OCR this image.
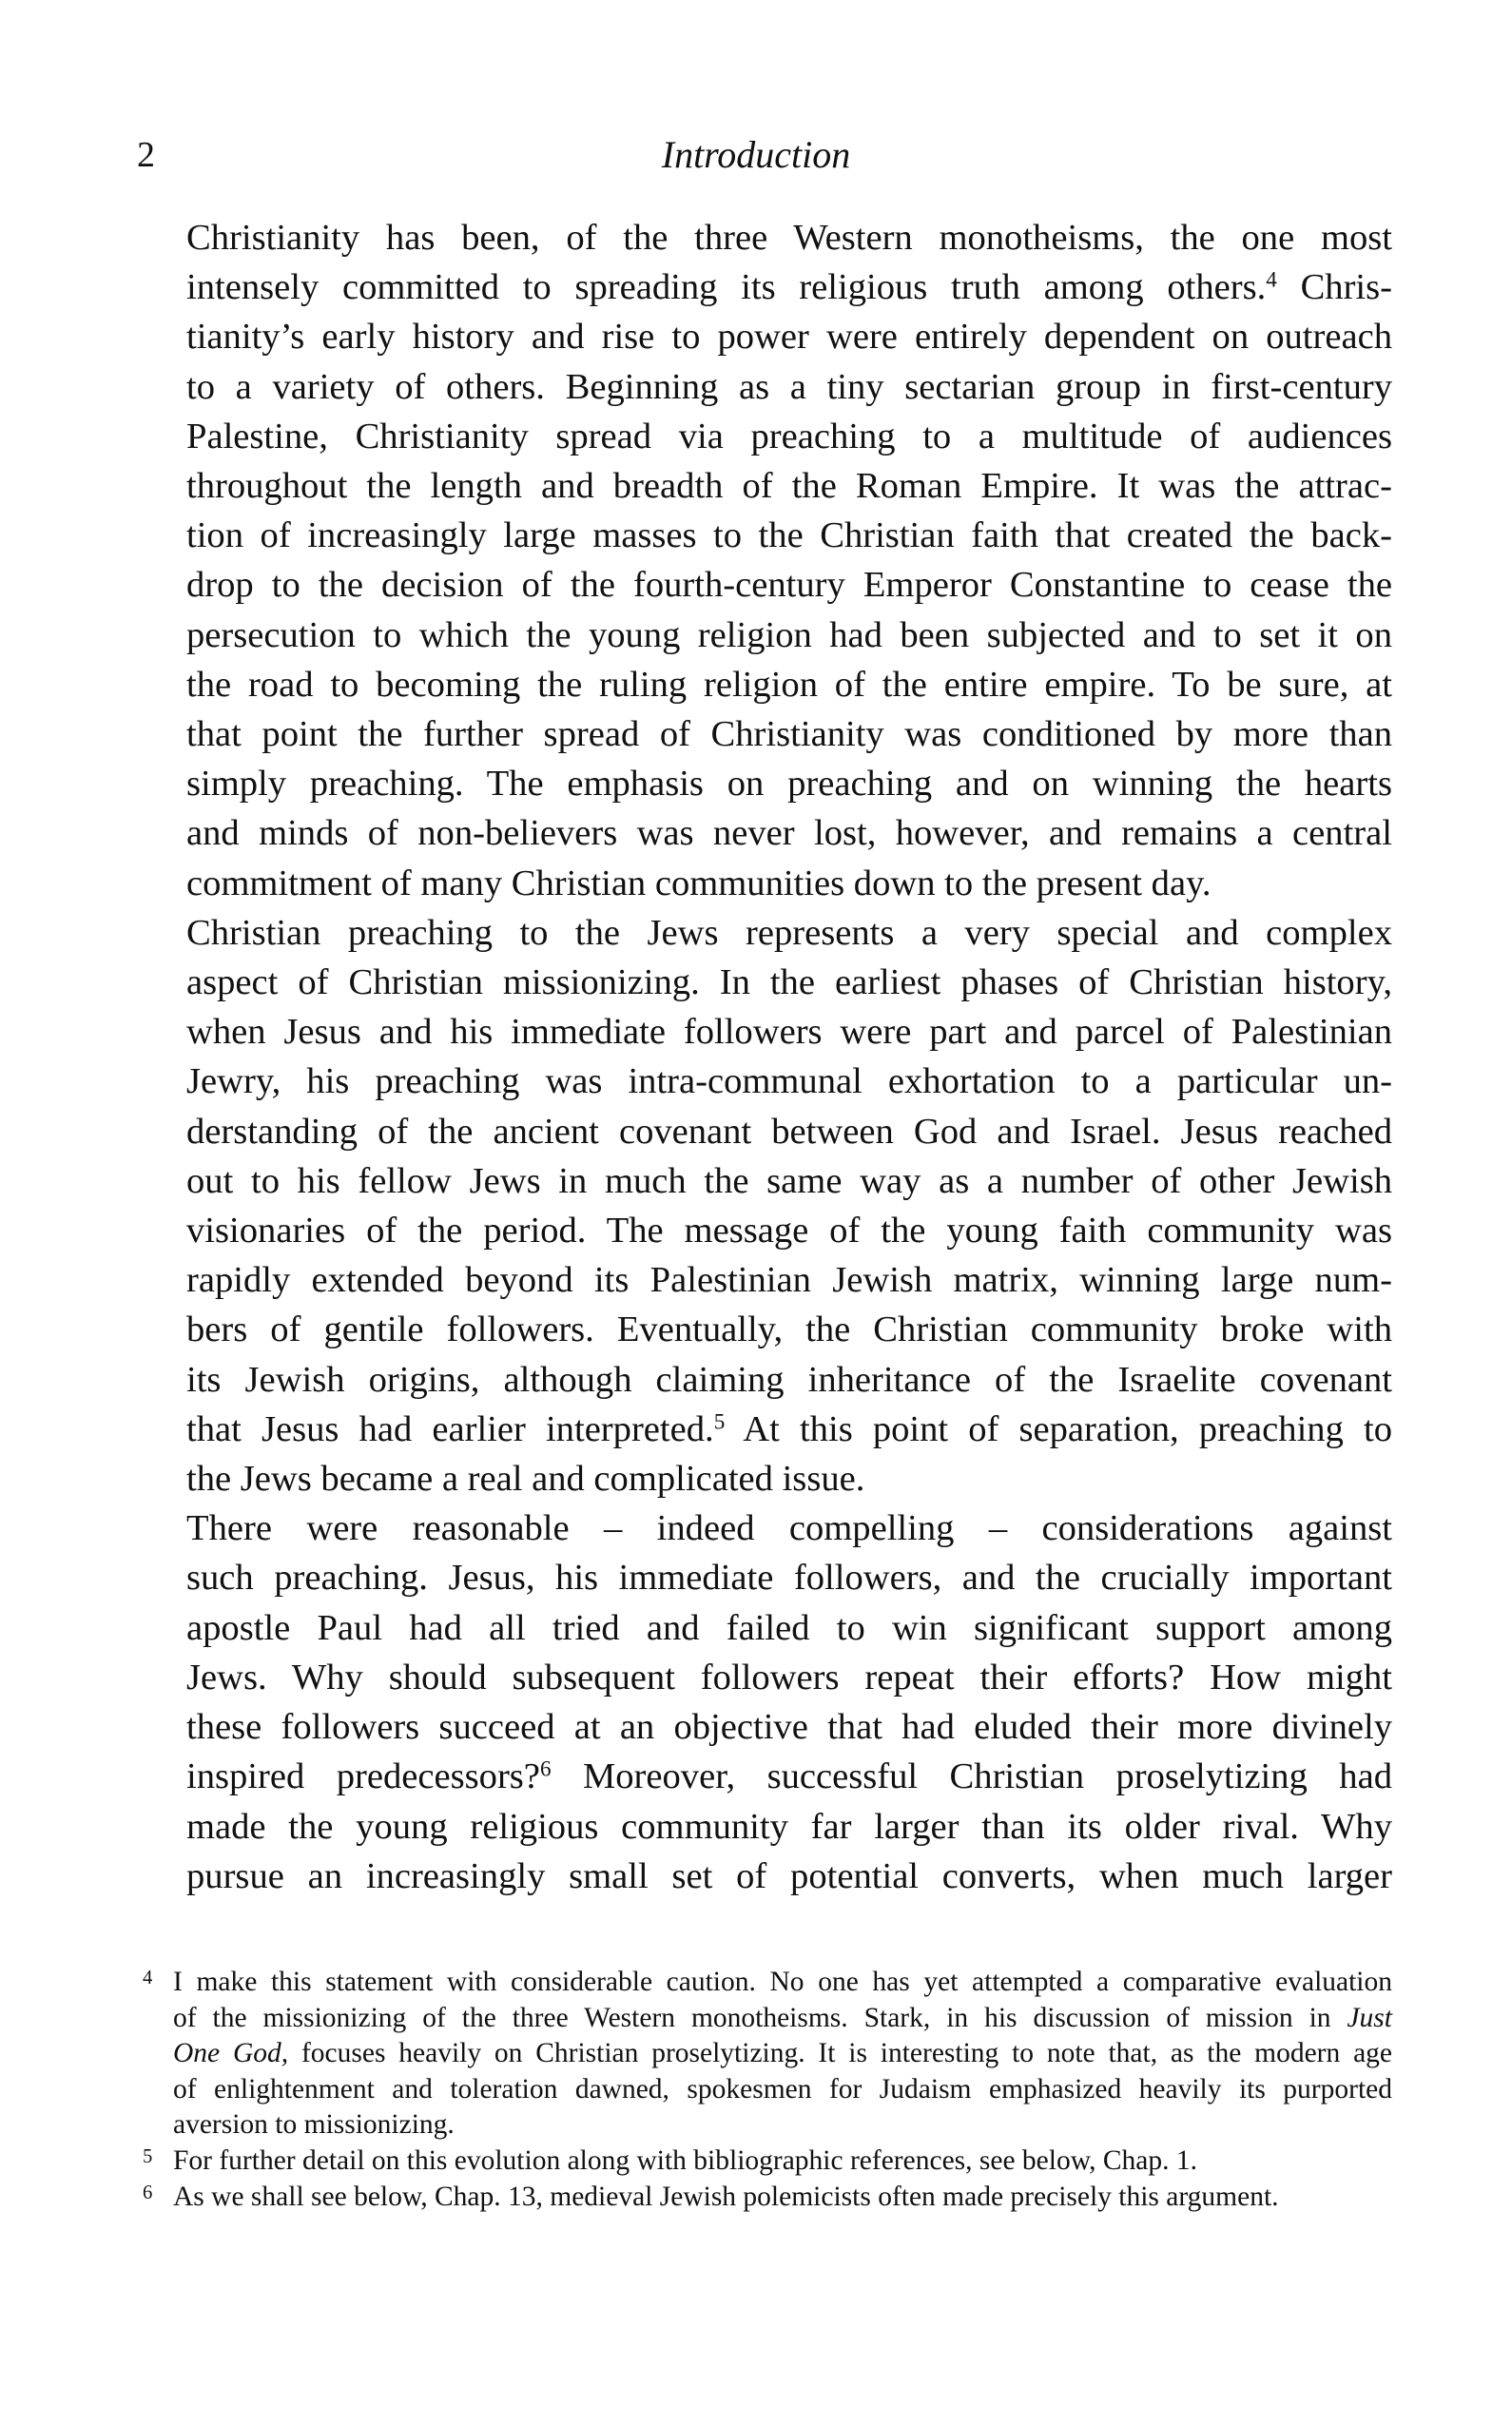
2	Introduction
Christianity has been, of the three Western monotheisms, the one most
intensely committed to spreading its religious truth among others.$^4$ Chris-
tianity’s early history and rise to power were entirely dependent on outreach
to a variety of others. Beginning as a tiny sectarian group in first-century
Palestine, Christianity spread via preaching to a multitude of audiences
throughout the length and breadth of the Roman Empire. It was the attrac-
tion of increasingly large masses to the Christian faith that created the back-
drop to the decision of the fourth-century Emperor Constantine to cease the
persecution to which the young religion had been subjected and to set it on
the road to becoming the ruling religion of the entire empire. To be sure, at
that point the further spread of Christianity was conditioned by more than
simply preaching. The emphasis on preaching and on winning the hearts
and minds of non-believers was never lost, however, and remains a central
commitment of many Christian communities down to the present day.
Christian preaching to the Jews represents a very special and complex
aspect of Christian missionizing. In the earliest phases of Christian history,
when Jesus and his immediate followers were part and parcel of Palestinian
Jewry, his preaching was intra-communal exhortation to a particular un-
derstanding of the ancient covenant between God and Israel. Jesus reached
out to his fellow Jews in much the same way as a number of other Jewish
visionaries of the period. The message of the young faith community was
rapidly extended beyond its Palestinian Jewish matrix, winning large num-
bers of gentile followers. Eventually, the Christian community broke with
its Jewish origins, although claiming inheritance of the Israelite covenant
that Jesus had earlier interpreted.$^5$ At this point of separation, preaching to
the Jews became a real and complicated issue.
There were reasonable – indeed compelling – considerations against
such preaching. Jesus, his immediate followers, and the crucially important
apostle Paul had all tried and failed to win significant support among
Jews. Why should subsequent followers repeat their efforts? How might
these followers succeed at an objective that had eluded their more divinely
inspired predecessors?$^6$ Moreover, successful Christian proselytizing had
made the young religious community far larger than its older rival. Why
pursue an increasingly small set of potential converts, when much larger
4 I make this statement with considerable caution. No one has yet attempted a comparative evaluation
of the missionizing of the three Western monotheisms. Stark, in his discussion of mission in Just
One God, focuses heavily on Christian proselytizing. It is interesting to note that, as the modern age
of enlightenment and toleration dawned, spokesmen for Judaism emphasized heavily its purported
aversion to missionizing.
5 For further detail on this evolution along with bibliographic references, see below, Chap. 1.
6 As we shall see below, Chap. 13, medieval Jewish polemicists often made precisely this argument.
